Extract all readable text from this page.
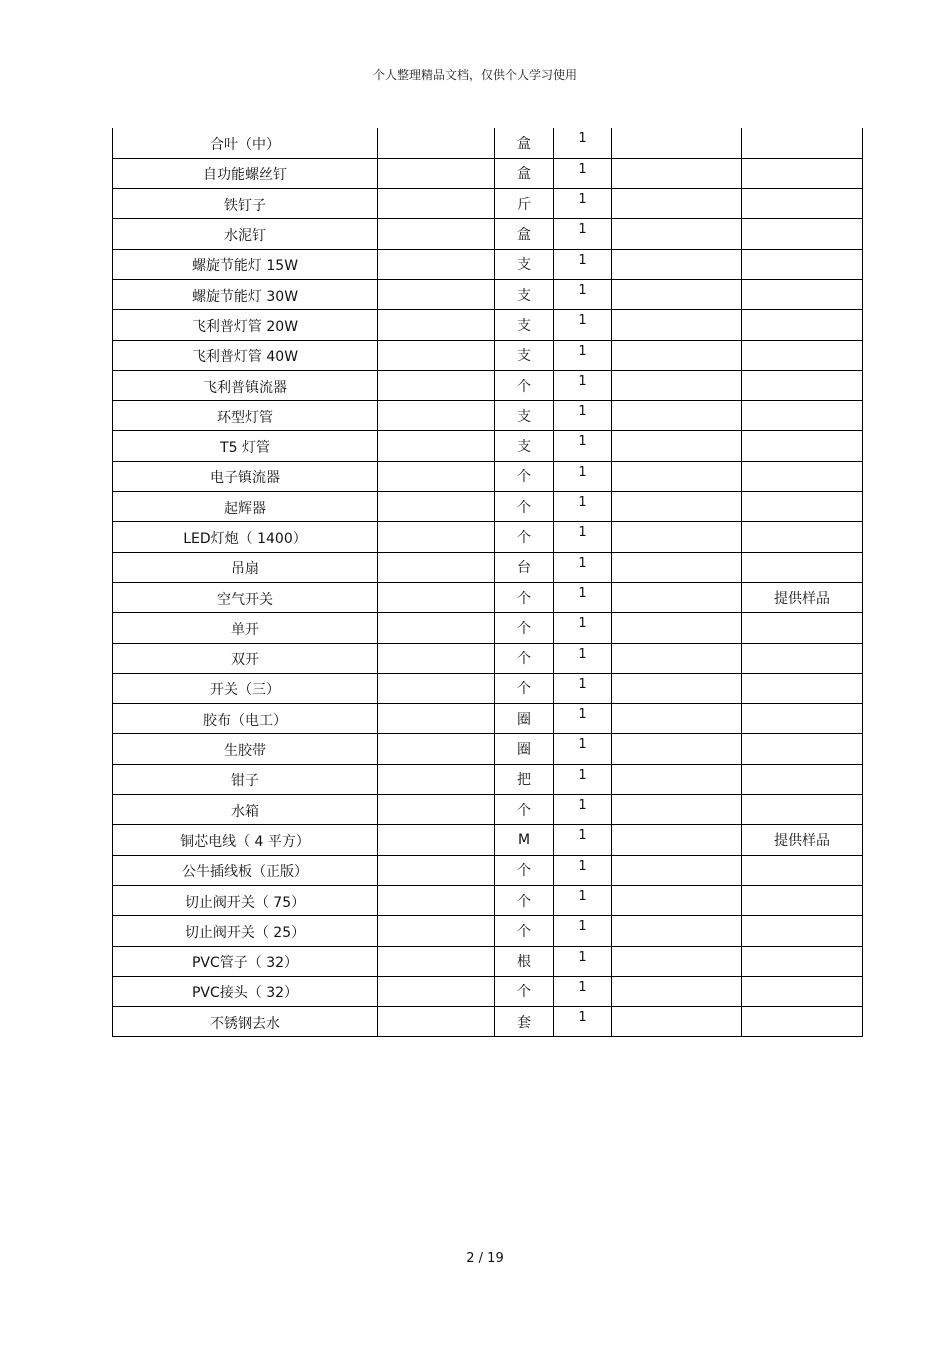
个人整理精品文档，仅供个人学习使用
合叶（中）		盒	1		
自功能螺丝钉		盒	1		
铁钉子		斤	1		
水泥钉		盒	1		
螺旋节能灯 15W		支	1		
螺旋节能灯 30W		支	1		
飞利普灯管 20W		支	1		
飞利普灯管 40W		支	1		
飞利普镇流器		个	1		
环型灯管		支	1		
T5 灯管		支	1		
电子镇流器		个	1		
起辉器		个	1		
LED灯炮（ 1400）		个	1		
吊扇		台	1		
空气开关		个	1		提供样品
单开		个	1		
双开		个	1		
开关（三）		个	1		
胶布（电工）		圈	1		
生胶带		圈	1		
钳子		把	1		
水箱		个	1		
铜芯电线（ 4 平方）		M	1		提供样品
公牛插线板（正版）		个	1		
切止阀开关（ 75）		个	1		
切止阀开关（ 25）		个	1		
PVC管子（ 32）		根	1		
PVC接头（ 32）		个	1		
不锈钢去水		套	1		
2 / 19
